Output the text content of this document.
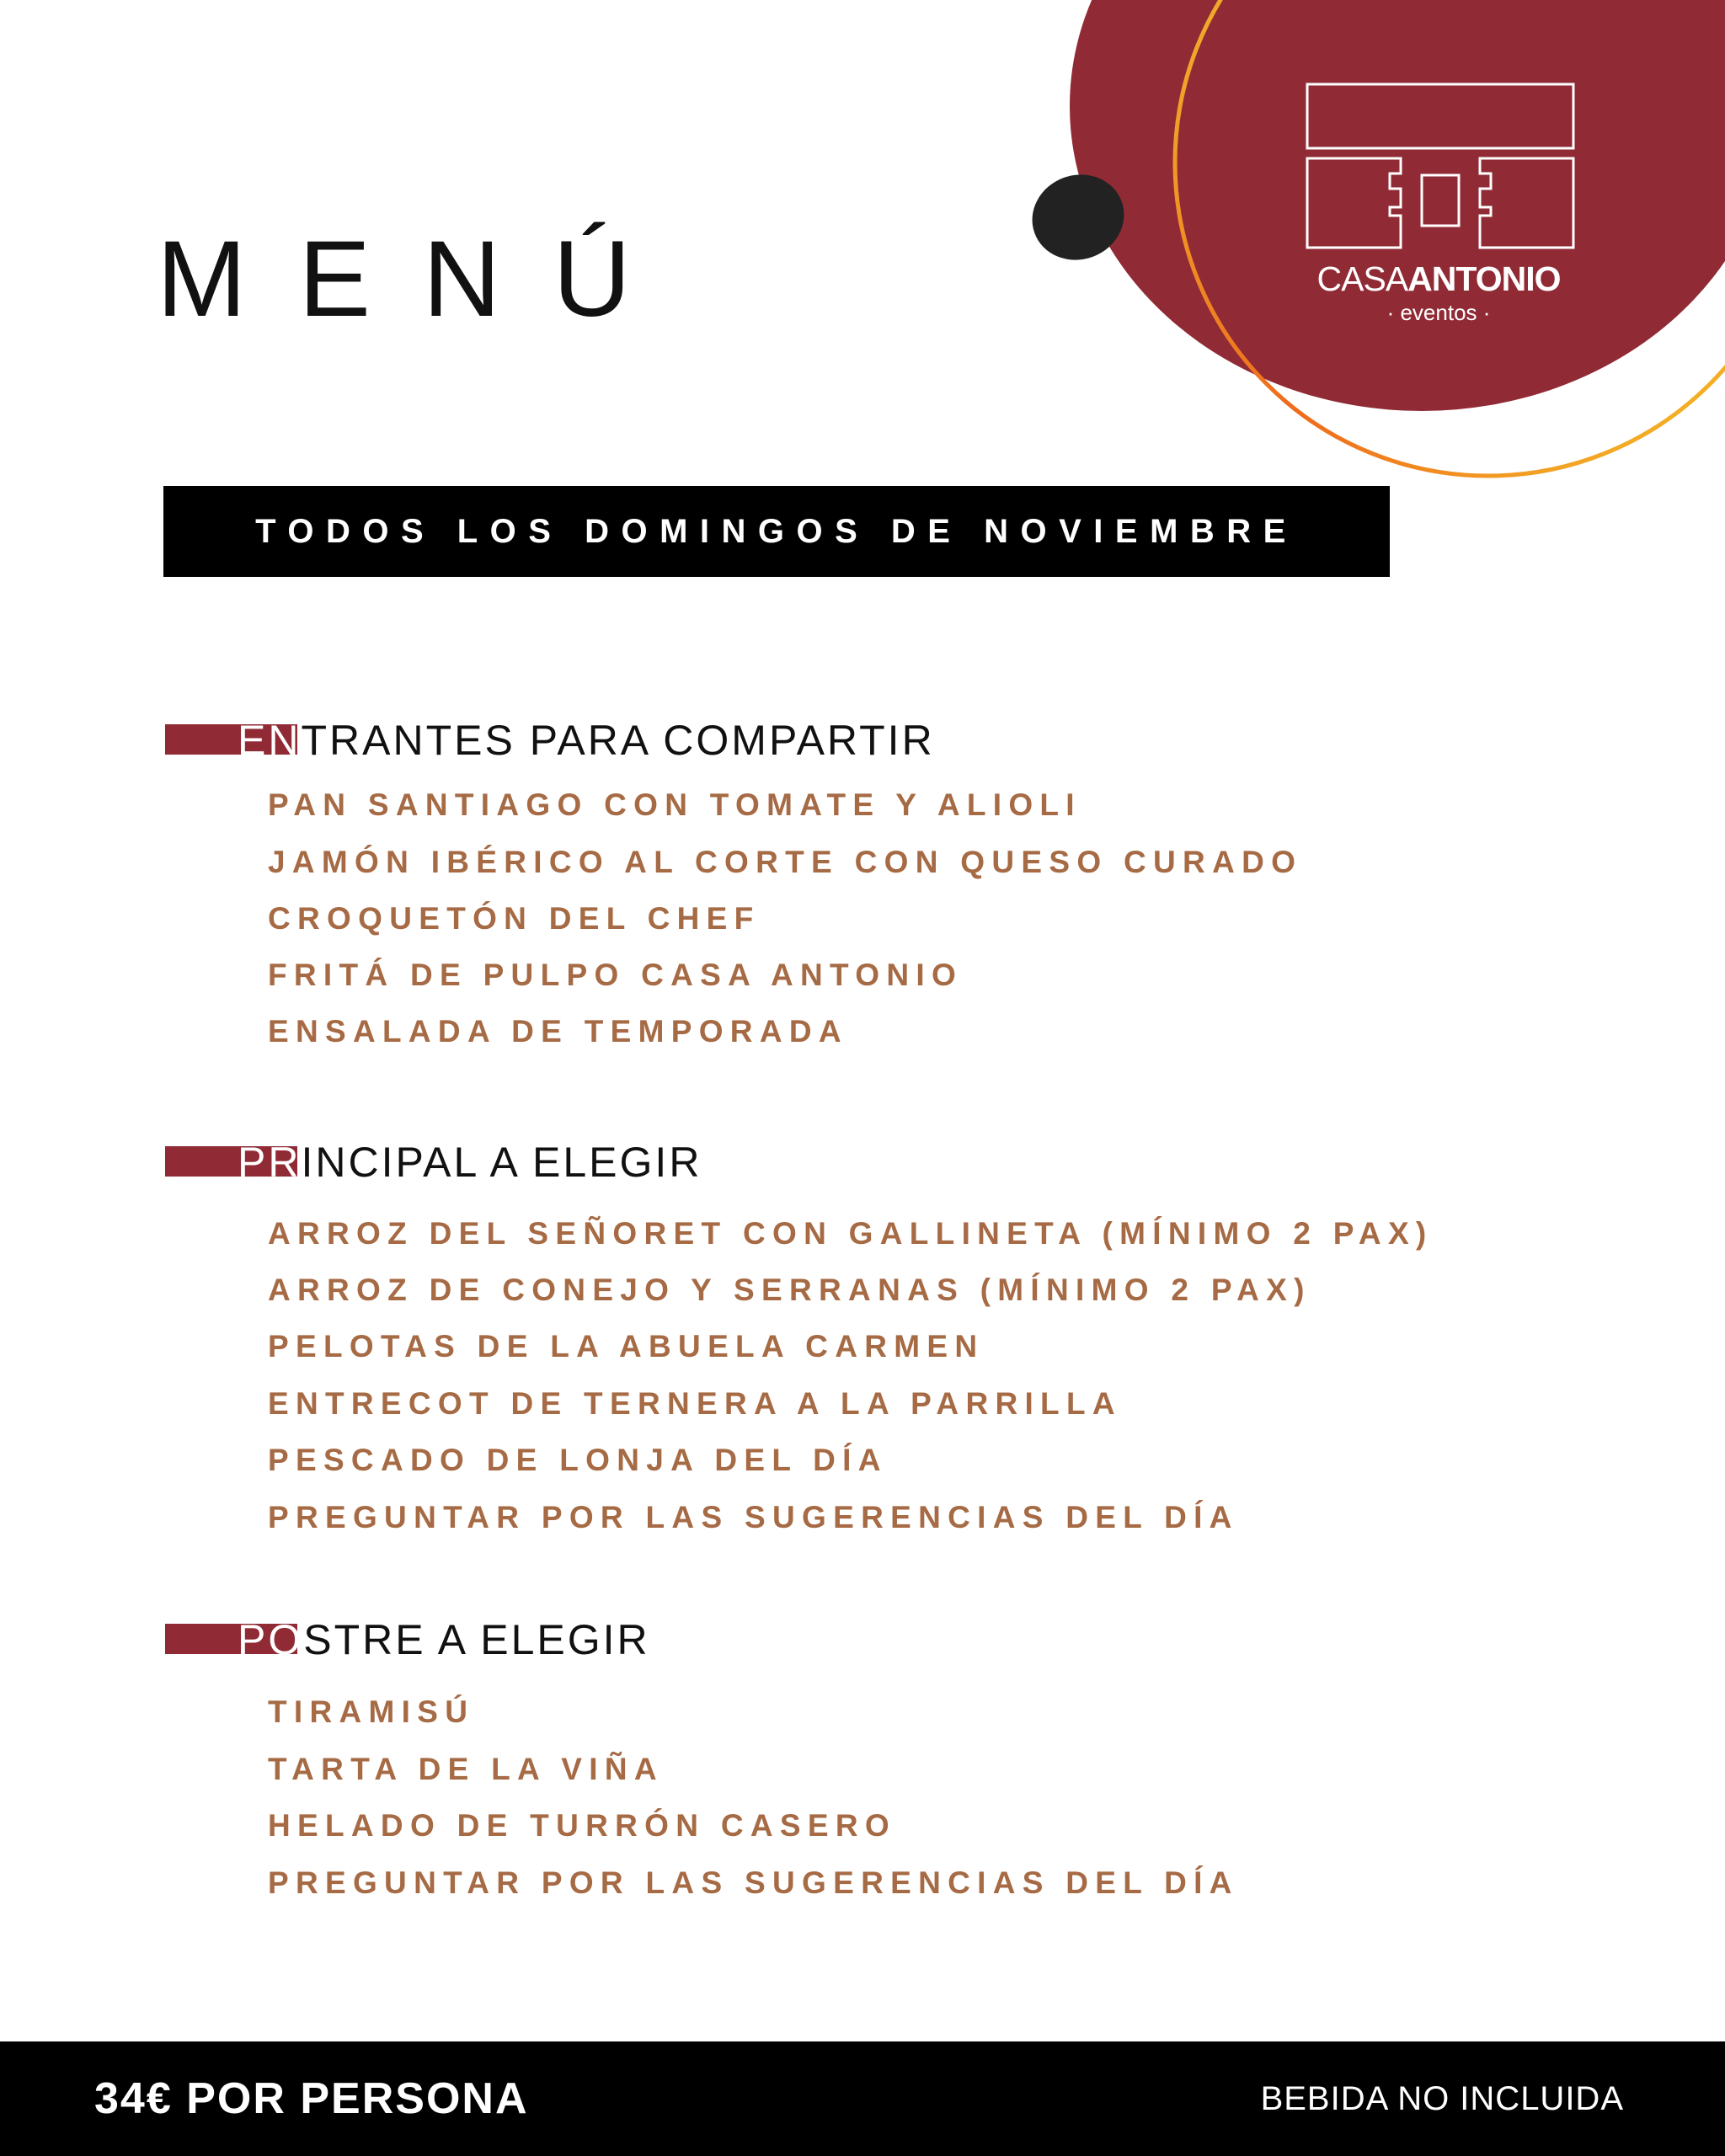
CASAANTONIO
· eventos ·
MENÚ
TODOS LOS DOMINGOS DE NOVIEMBRE
ENTRANTES PARA COMPARTIR
PAN SANTIAGO CON TOMATE Y ALIOLI
JAMÓN IBÉRICO AL CORTE CON QUESO CURADO
CROQUETÓN DEL CHEF
FRITÁ DE PULPO CASA ANTONIO
ENSALADA DE TEMPORADA
PRINCIPAL A ELEGIR
ARROZ DEL SEÑORET CON GALLINETA (MÍNIMO 2 PAX)
ARROZ DE CONEJO Y SERRANAS (MÍNIMO 2 PAX)
PELOTAS DE LA ABUELA CARMEN
ENTRECOT DE TERNERA A LA PARRILLA
PESCADO DE LONJA DEL DÍA
PREGUNTAR POR LAS SUGERENCIAS DEL DÍA
POSTRE A ELEGIR
TIRAMISÚ
TARTA DE LA VIÑA
HELADO DE TURRÓN CASERO
PREGUNTAR POR LAS SUGERENCIAS DEL DÍA
34€ POR PERSONA	BEBIDA NO INCLUIDA
